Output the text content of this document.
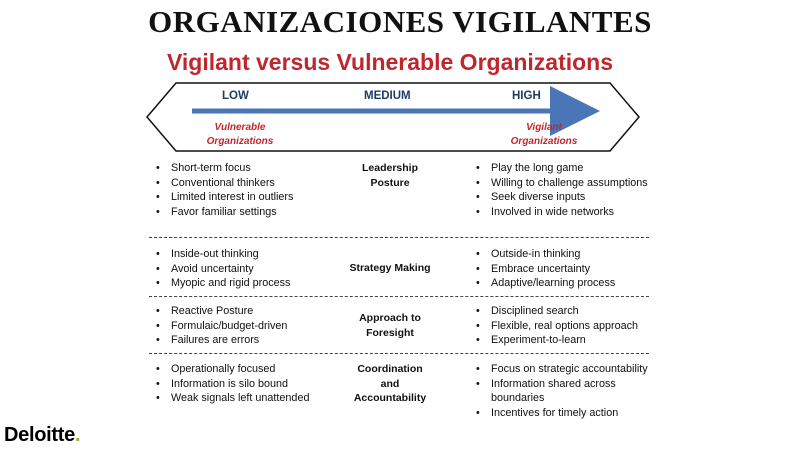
ORGANIZACIONES VIGILANTES
Vigilant versus Vulnerable Organizations
LOW	MEDIUM	HIGH
Vulnerable
Organizations
Vigilant
Organizations
• Short-term focus
• Conventional thinkers
• Limited interest in outliers
• Favor familiar settings
Leadership
Posture
• Play the long game
• Willing to challenge assumptions
• Seek diverse inputs
• Involved in wide networks
• Inside-out thinking
• Avoid uncertainty
• Myopic and rigid process
Strategy Making
• Outside-in thinking
• Embrace uncertainty
• Adaptive/learning process
• Reactive Posture
• Formulaic/budget-driven
• Failures are errors
Approach to
Foresight
• Disciplined search
• Flexible, real options approach
• Experiment-to-learn
• Operationally focused
• Information is silo bound
• Weak signals left unattended
Coordination
and
Accountability
• Focus on strategic accountability
• Information shared across
boundaries
• Incentives for timely action
Deloitte.
